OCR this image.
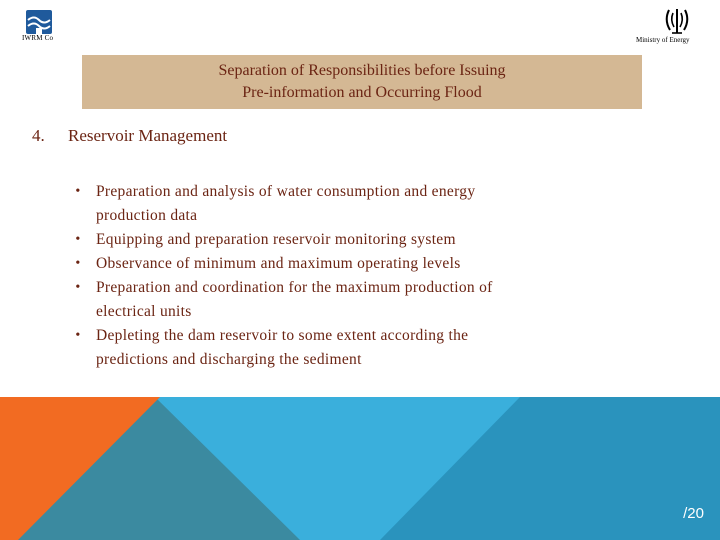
IWRM Co	Ministry of Energy
Separation of Responsibilities before Issuing
Pre-information and Occurring Flood
4. Reservoir Management
• Preparation and analysis of water consumption and energy
production data
• Equipping and preparation reservoir monitoring system
• Observance of minimum and maximum operating levels
• Preparation and coordination for the maximum production of
electrical units
• Depleting the dam reservoir to some extent according the
predictions and discharging the sediment
/20
